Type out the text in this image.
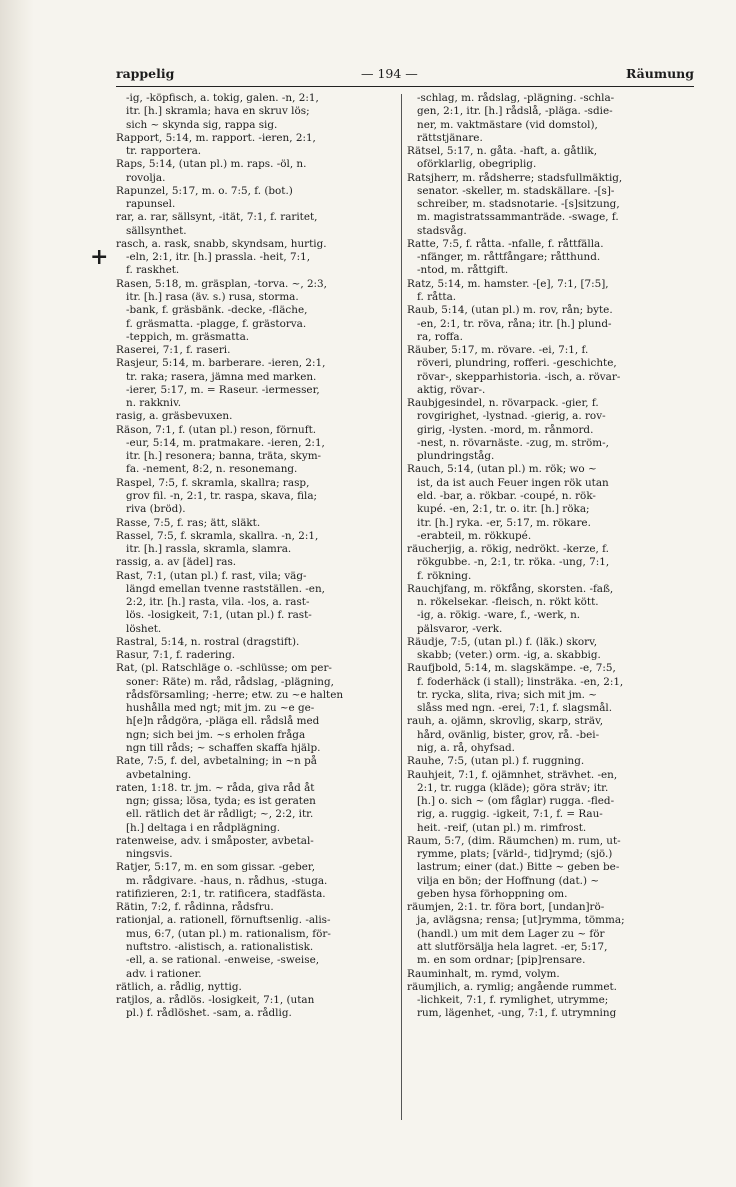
rappelig	— 194 —	Räumung
+
-ig, -köpfisch, a. tokig, galen. -n, 2:1,
itr. [h.] skramla; hava en skruv lös;
sich ~ skynda sig, rappa sig.
Rapport, 5:14, m. rapport. -ieren, 2:1,
tr. rapportera.
Raps, 5:14, (utan pl.) m. raps. -öl, n.
rovolja.
Rapunzel, 5:17, m. o. 7:5, f. (bot.)
rapunsel.
rar, a. rar, sällsynt, -ität, 7:1, f. raritet,
sällsynthet.
rasch, a. rask, snabb, skyndsam, hurtig.
-eln, 2:1, itr. [h.] prassla. -heit, 7:1,
f. raskhet.
Rasen, 5:18, m. gräsplan, -torva. ~, 2:3,
itr. [h.] rasa (äv. s.) rusa, storma.
-bank, f. gräsbänk. -decke, -fläche,
f. gräsmatta. -plagge, f. grästorva.
-teppich, m. gräsmatta.
Raserei, 7:1, f. raseri.
Rasjeur, 5:14, m. barberare. -ieren, 2:1,
tr. raka; rasera, jämna med marken.
-ierer, 5:17, m. = Raseur. -iermesser,
n. rakkniv.
rasig, a. gräsbevuxen.
Räson, 7:1, f. (utan pl.) reson, förnuft.
-eur, 5:14, m. pratmakare. -ieren, 2:1,
itr. [h.] resonera; banna, träta, skym-
fa. -nement, 8:2, n. resonemang.
Raspel, 7:5, f. skramla, skallra; rasp,
grov fil. -n, 2:1, tr. raspa, skava, fila;
riva (bröd).
Rasse, 7:5, f. ras; ätt, släkt.
Rassel, 7:5, f. skramla, skallra. -n, 2:1,
itr. [h.] rassla, skramla, slamra.
rassig, a. av [ädel] ras.
Rast, 7:1, (utan pl.) f. rast, vila; väg-
längd emellan tvenne rastställen. -en,
2:2, itr. [h.] rasta, vila. -los, a. rast-
lös. -losigkeit, 7:1, (utan pl.) f. rast-
löshet.
Rastral, 5:14, n. rostral (dragstift).
Rasur, 7:1, f. radering.
Rat, (pl. Ratschläge o. -schlüsse; om per-
soner: Räte) m. råd, rådslag, -plägning,
rådsförsamling; -herre; etw. zu ~e halten
hushålla med ngt; mit jm. zu ~e ge-
h[e]n rådgöra, -pläga ell. rådslå med
ngn; sich bei jm. ~s erholen fråga
ngn till råds; ~ schaffen skaffa hjälp.
Rate, 7:5, f. del, avbetalning; in ~n på
avbetalning.
raten, 1:18. tr. jm. ~ råda, giva råd åt
ngn; gissa; lösa, tyda; es ist geraten
ell. rätlich det är rådligt; ~, 2:2, itr.
[h.] deltaga i en rådplägning.
ratenweise, adv. i småposter, avbetal-
ningsvis.
Ratjer, 5:17, m. en som gissar. -geber,
m. rådgivare. -haus, n. rådhus, -stuga.
ratifizieren, 2:1, tr. ratificera, stadfästa.
Rätin, 7:2, f. rådinna, rådsfru.
rationjal, a. rationell, förnuftsenlig. -alis-
mus, 6:7, (utan pl.) m. rationalism, för-
nuftstro. -alistisch, a. rationalistisk.
-ell, a. se rational. -enweise, -sweise,
adv. i rationer.
rätlich, a. rådlig, nyttig.
ratjlos, a. rådlös. -losigkeit, 7:1, (utan
pl.) f. rådlöshet. -sam, a. rådlig.
-schlag, m. rådslag, -plägning. -schla-
gen, 2:1, itr. [h.] rådslå, -pläga. -sdie-
ner, m. vaktmästare (vid domstol),
rättstjänare.
Rätsel, 5:17, n. gåta. -haft, a. gåtlik,
oförklarlig, obegriplig.
Ratsjherr, m. rådsherre; stadsfullmäktig,
senator. -skeller, m. stadskällare. -[s]-
schreiber, m. stadsnotarie. -[s]sitzung,
m. magistratssammanträde. -swage, f.
stadsvåg.
Ratte, 7:5, f. råtta. -nfalle, f. råttfälla.
-nfänger, m. råttfångare; råtthund.
-ntod, m. råttgift.
Ratz, 5:14, m. hamster. -[e], 7:1, [7:5],
f. råtta.
Raub, 5:14, (utan pl.) m. rov, rån; byte.
-en, 2:1, tr. röva, råna; itr. [h.] plund-
ra, roffa.
Räuber, 5:17, m. rövare. -ei, 7:1, f.
röveri, plundring, rofferi. -geschichte,
rövar-, skepparhistoria. -isch, a. rövar-
aktig, rövar-.
Raubjgesindel, n. rövarpack. -gier, f.
rovgirighet, -lystnad. -gierig, a. rov-
girig, -lysten. -mord, m. rånmord.
-nest, n. rövarnäste. -zug, m. ström-,
plundringståg.
Rauch, 5:14, (utan pl.) m. rök; wo ~
ist, da ist auch Feuer ingen rök utan
eld. -bar, a. rökbar. -coupé, n. rök-
kupé. -en, 2:1, tr. o. itr. [h.] röka;
itr. [h.] ryka. -er, 5:17, m. rökare.
-erabteil, m. rökkupé.
räucherjig, a. rökig, nedrökt. -kerze, f.
rökgubbe. -n, 2:1, tr. röka. -ung, 7:1,
f. rökning.
Rauchjfang, m. rökfång, skorsten. -faß,
n. rökelsekar. -fleisch, n. rökt kött.
-ig, a. rökig. -ware, f., -werk, n.
pälsvaror, -verk.
Räudje, 7:5, (utan pl.) f. (läk.) skorv,
skabb; (veter.) orm. -ig, a. skabbig.
Raufjbold, 5:14, m. slagskämpe. -e, 7:5,
f. foderhäck (i stall); linsträka. -en, 2:1,
tr. rycka, slita, riva; sich mit jm. ~
slåss med ngn. -erei, 7:1, f. slagsmål.
rauh, a. ojämn, skrovlig, skarp, sträv,
hård, ovänlig, bister, grov, rå. -bei-
nig, a. rå, ohyfsad.
Rauhe, 7:5, (utan pl.) f. ruggning.
Rauhjeit, 7:1, f. ojämnhet, strävhet. -en,
2:1, tr. rugga (kläde); göra sträv; itr.
[h.] o. sich ~ (om fåglar) rugga. -fled-
rig, a. ruggig. -igkeit, 7:1, f. = Rau-
heit. -reif, (utan pl.) m. rimfrost.
Raum, 5:7, (dim. Räumchen) m. rum, ut-
rymme, plats; [värld-, tid]rymd; (sjö.)
lastrum; einer (dat.) Bitte ~ geben be-
vilja en bön; der Hoffnung (dat.) ~
geben hysa förhoppning om.
räumjen, 2:1. tr. föra bort, [undan]rö-
ja, avlägsna; rensa; [ut]rymma, tömma;
(handl.) um mit dem Lager zu ~ för
att slutförsälja hela lagret. -er, 5:17,
m. en som ordnar; [pip]rensare.
Rauminhalt, m. rymd, volym.
räumjlich, a. rymlig; angående rummet.
-lichkeit, 7:1, f. rymlighet, utrymme;
rum, lägenhet, -ung, 7:1, f. utrymning
